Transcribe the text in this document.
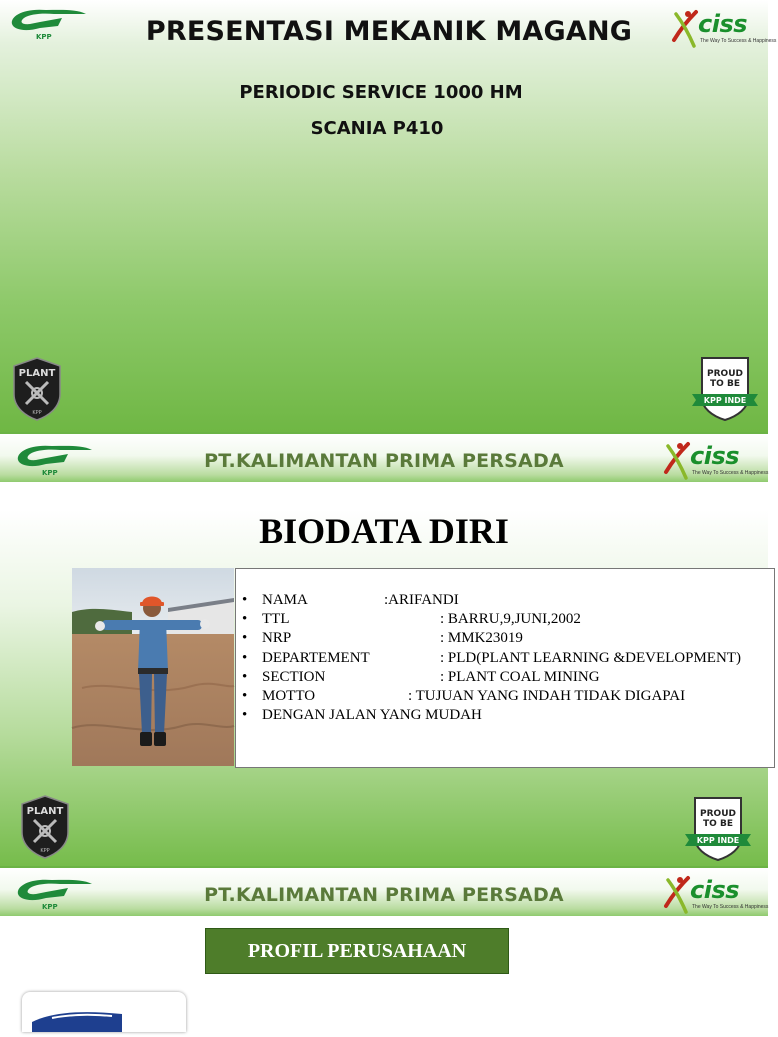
KPP	PRESENTASI MEKANIK MAGANG	ciss
The Way To Success & Happiness
PERIODIC SERVICE 1000 HM
SCANIA P410
PLANT
KPP
PROUD
TO BE
KPP INDE
KPP
PT.KALIMANTAN PRIMA PERSADA	ciss
The Way To Success & Happiness
BIODATA DIRI
• NAMA	:ARIFANDI
• TTL	: BARRU,9,JUNI,2002
• NRP	: MMK23019
• DEPARTEMENT	: PLD(PLANT LEARNING &DEVELOPMENT)
• SECTION	: PLANT COAL MINING
• MOTTO	: TUJUAN YANG INDAH TIDAK DIGAPAI
• DENGAN JALAN YANG MUDAH
PLANT
KPP
PROUD
TO BE
KPP INDE
KPP
PT.KALIMANTAN PRIMA PERSADA	ciss
The Way To Success & Happiness
PROFIL PERUSAHAAN
